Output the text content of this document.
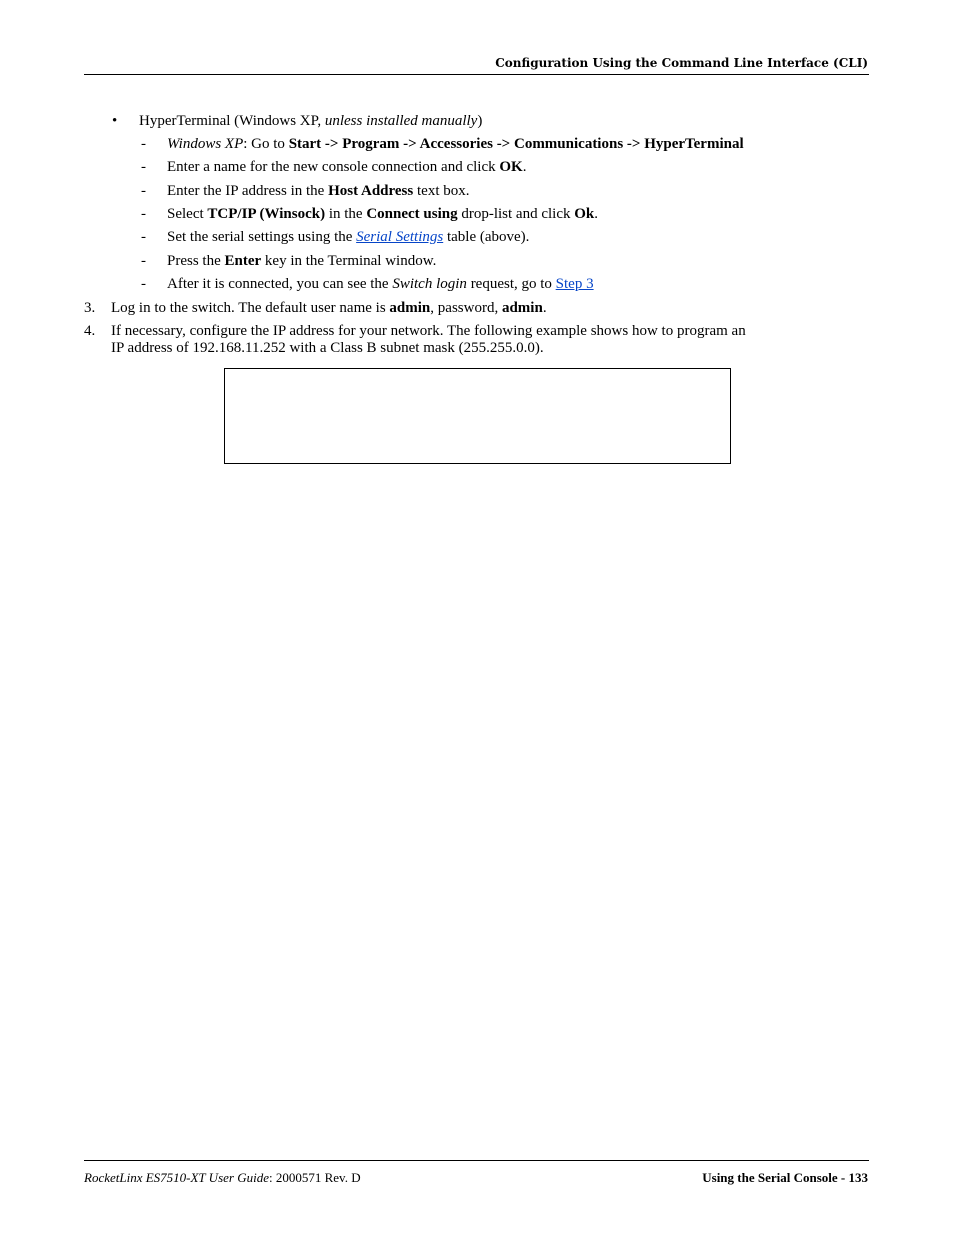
Configuration Using the Command Line Interface (CLI)
• HyperTerminal (Windows XP, unless installed manually)
- Windows XP: Go to Start -> Program -> Accessories -> Communications -> HyperTerminal
- Enter a name for the new console connection and click OK.
- Enter the IP address in the Host Address text box.
- Select TCP/IP (Winsock) in the Connect using drop-list and click Ok.
- Set the serial settings using the Serial Settings table (above).
- Press the Enter key in the Terminal window.
- After it is connected, you can see the Switch login request, go to Step 3
3. Log in to the switch. The default user name is admin, password, admin.
4. If necessary, configure the IP address for your network. The following example shows how to program an
IP address of 192.168.11.252 with a Class B subnet mask (255.255.0.0).
RocketLinx ES7510-XT User Guide: 2000571 Rev. D	Using the Serial Console - 133
